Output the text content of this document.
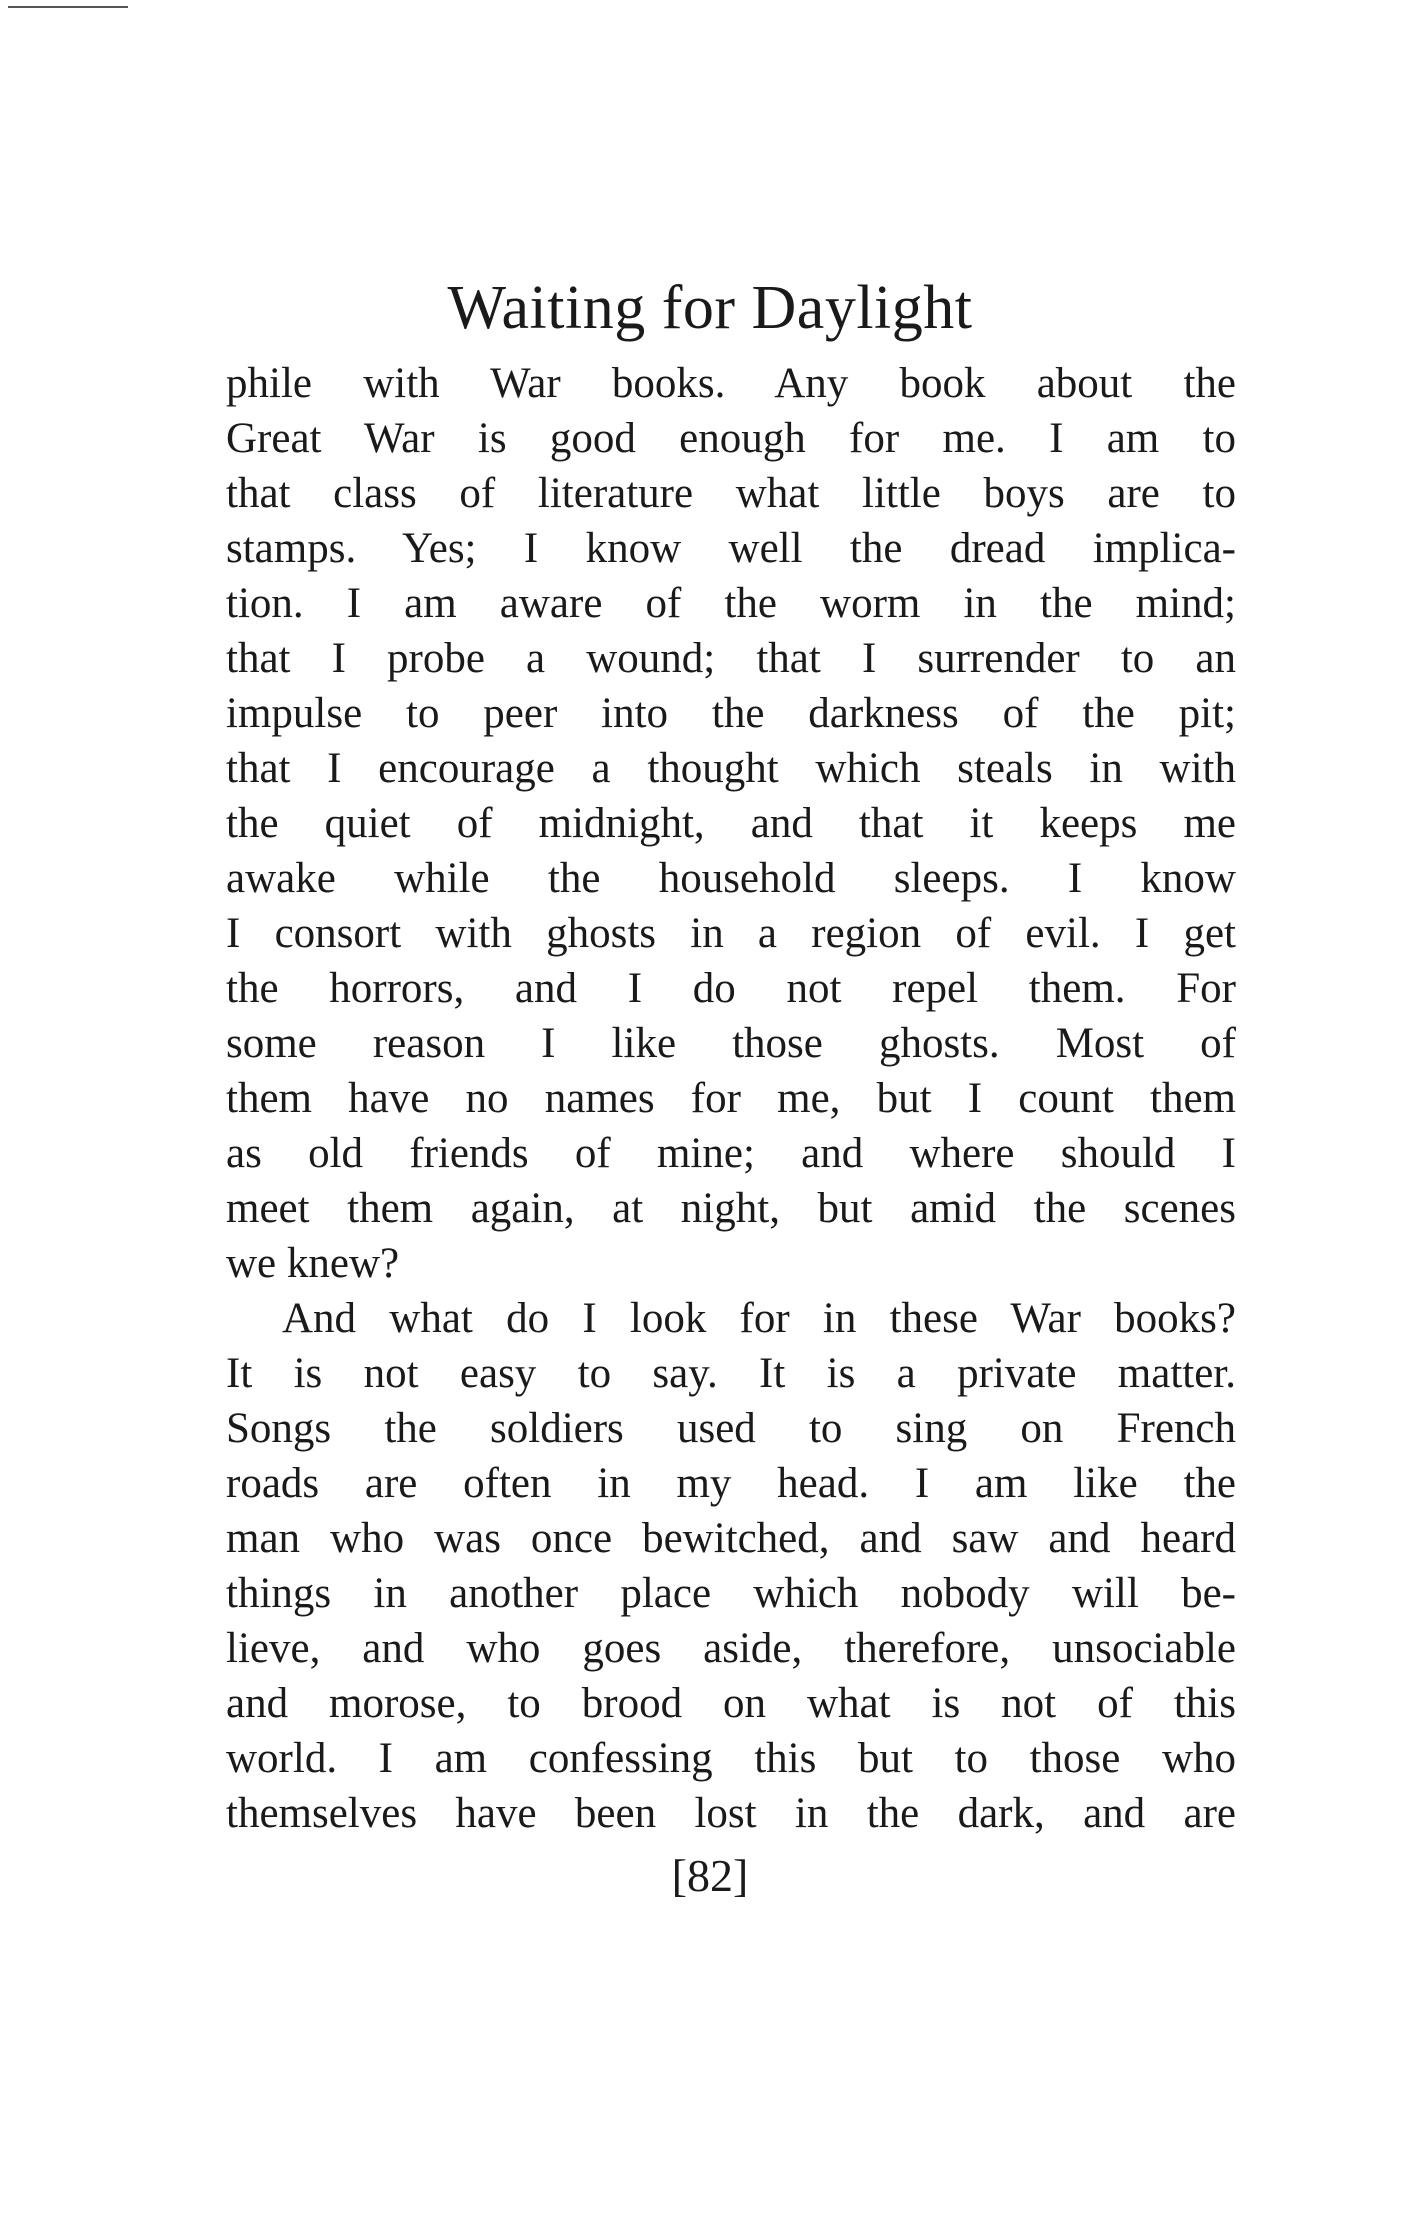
Waiting for Daylight
phile with War books. Any book about the
Great War is good enough for me. I am to
that class of literature what little boys are to
stamps. Yes; I know well the dread implica-
tion. I am aware of the worm in the mind;
that I probe a wound; that I surrender to an
impulse to peer into the darkness of the pit;
that I encourage a thought which steals in with
the quiet of midnight, and that it keeps me
awake while the household sleeps. I know
I consort with ghosts in a region of evil. I get
the horrors, and I do not repel them. For
some reason I like those ghosts. Most of
them have no names for me, but I count them
as old friends of mine; and where should I
meet them again, at night, but amid the scenes
we knew?
And what do I look for in these War books?
It is not easy to say. It is a private matter.
Songs the soldiers used to sing on French
roads are often in my head. I am like the
man who was once bewitched, and saw and heard
things in another place which nobody will be-
lieve, and who goes aside, therefore, unsociable
and morose, to brood on what is not of this
world. I am confessing this but to those who
themselves have been lost in the dark, and are
[82]
